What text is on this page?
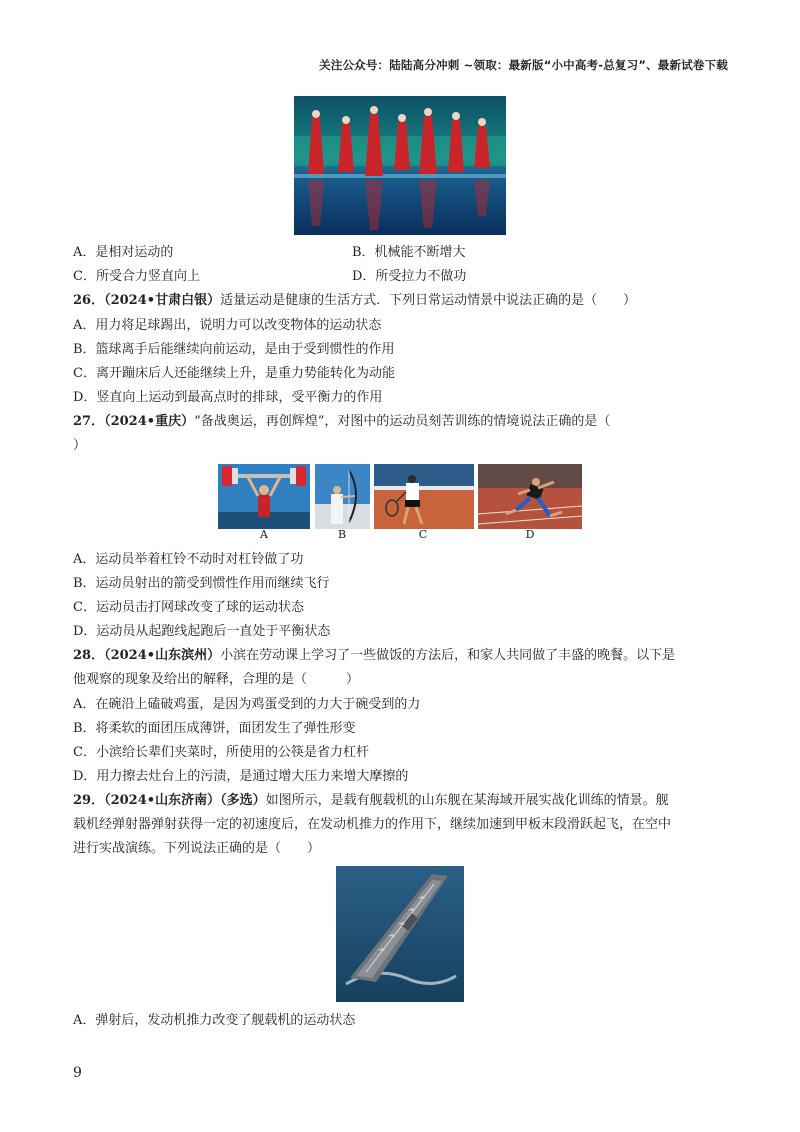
关注公众号：陆陆高分冲刺 ~领取：最新版“小中高考-总复习”、最新试卷下载
A．是相对运动的	B．机械能不断增大
C．所受合力竖直向上	D．所受拉力不做功
26．（2024•甘肃白银）适量运动是健康的生活方式．下列日常运动情景中说法正确的是（　　）
A．用力将足球踢出，说明力可以改变物体的运动状态
B．篮球离手后能继续向前运动，是由于受到惯性的作用
C．离开蹦床后人还能继续上升，是重力势能转化为动能
D．竖直向上运动到最高点时的排球，受平衡力的作用
27．（2024•重庆）“备战奥运，再创辉煌”，对图中的运动员刻苦训练的情境说法正确的是（
）
A	B	C	D
A．运动员举着杠铃不动时对杠铃做了功
B．运动员射出的箭受到惯性作用而继续飞行
C．运动员击打网球改变了球的运动状态
D．运动员从起跑线起跑后一直处于平衡状态
28．（2024•山东滨州）小滨在劳动课上学习了一些做饭的方法后，和家人共同做了丰盛的晚餐。以下是
他观察的现象及给出的解释，合理的是（　　　）
A．在碗沿上磕破鸡蛋，是因为鸡蛋受到的力大于碗受到的力
B．将柔软的面团压成薄饼，面团发生了弹性形变
C．小滨给长辈们夹菜时，所使用的公筷是省力杠杆
D．用力擦去灶台上的污渍，是通过增大压力来增大摩擦的
29．（2024•山东济南）（多选）如图所示，是载有舰载机的山东舰在某海域开展实战化训练的情景。舰
载机经弹射器弹射获得一定的初速度后，在发动机推力的作用下，继续加速到甲板末段滑跃起飞，在空中
进行实战演练。下列说法正确的是（　　）
A．弹射后，发动机推力改变了舰载机的运动状态
9
